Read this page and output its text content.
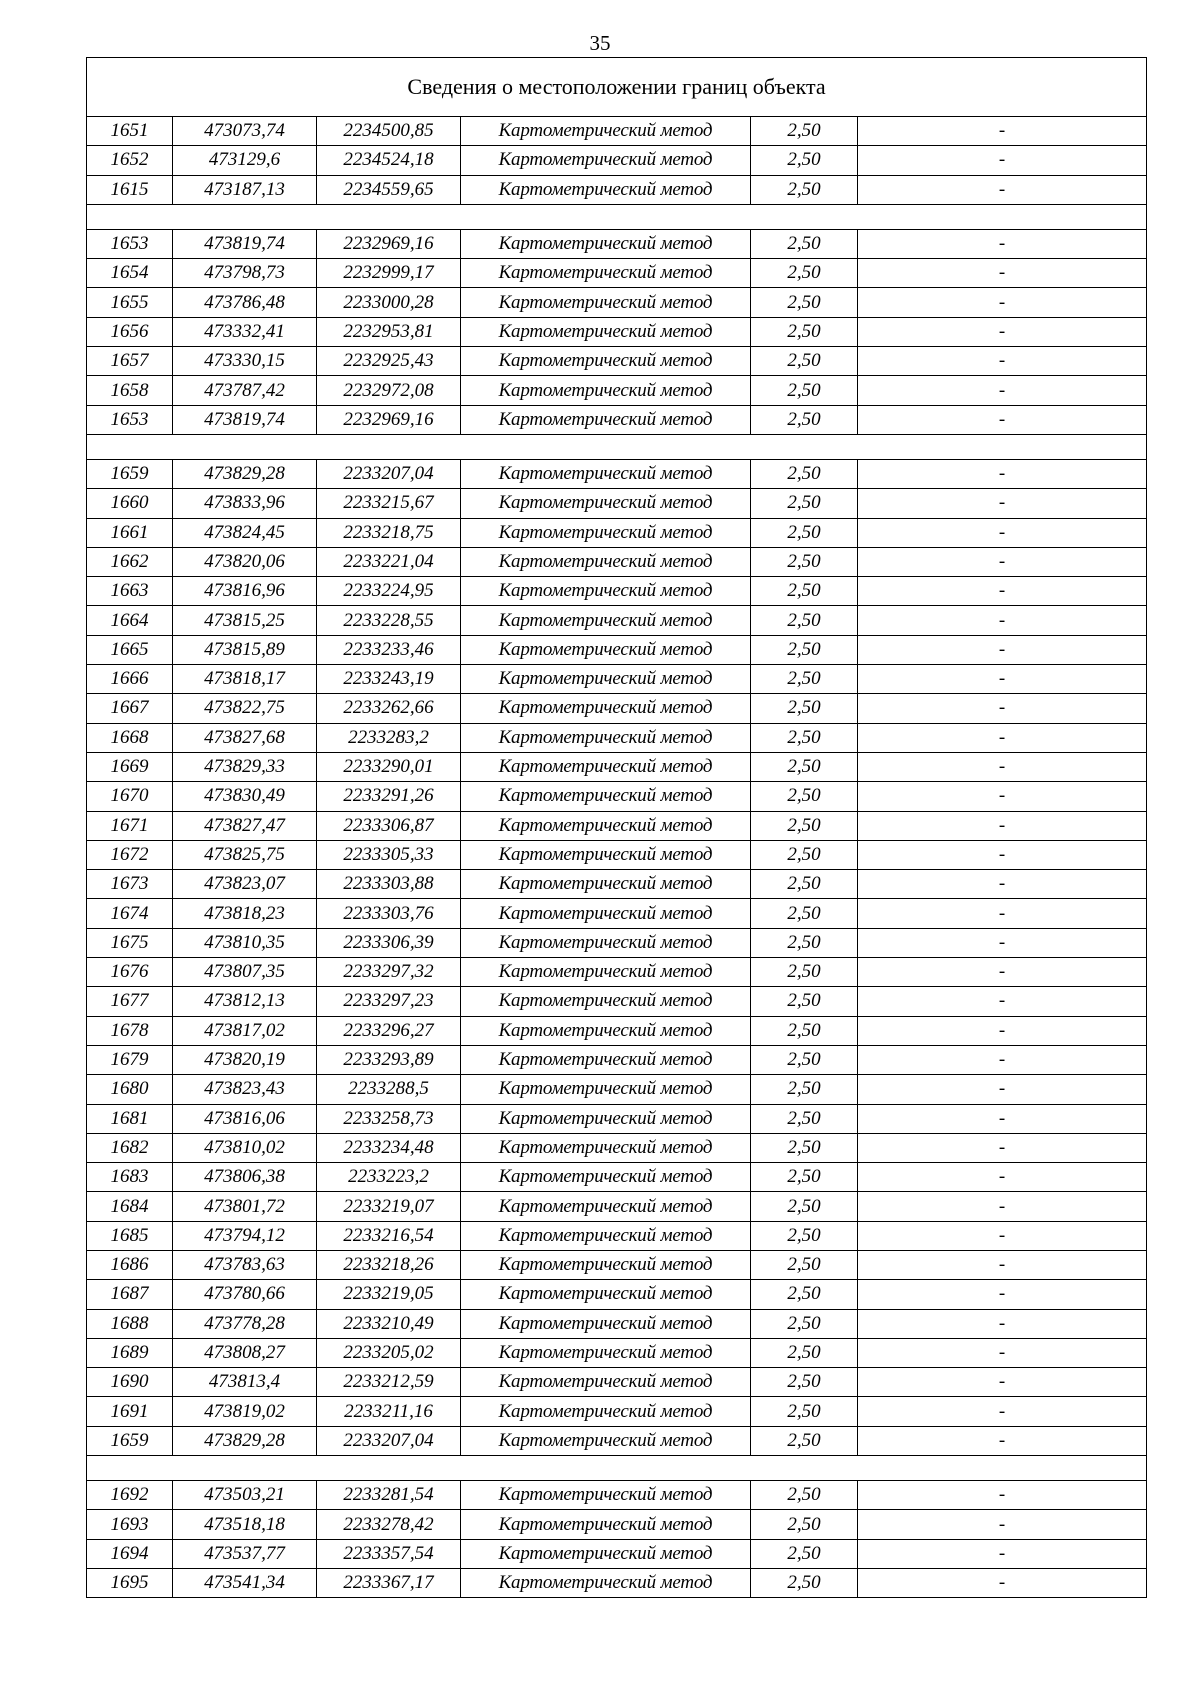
35
Сведения о местоположении границ объекта					
1651	473073,74	2234500,85	Картометрический метод	2,50	-
1652	473129,6	2234524,18	Картометрический метод	2,50	-
1615	473187,13	2234559,65	Картометрический метод	2,50	-

1653	473819,74	2232969,16	Картометрический метод	2,50	-
1654	473798,73	2232999,17	Картометрический метод	2,50	-
1655	473786,48	2233000,28	Картометрический метод	2,50	-
1656	473332,41	2232953,81	Картометрический метод	2,50	-
1657	473330,15	2232925,43	Картометрический метод	2,50	-
1658	473787,42	2232972,08	Картометрический метод	2,50	-
1653	473819,74	2232969,16	Картометрический метод	2,50	-

1659	473829,28	2233207,04	Картометрический метод	2,50	-
1660	473833,96	2233215,67	Картометрический метод	2,50	-
1661	473824,45	2233218,75	Картометрический метод	2,50	-
1662	473820,06	2233221,04	Картометрический метод	2,50	-
1663	473816,96	2233224,95	Картометрический метод	2,50	-
1664	473815,25	2233228,55	Картометрический метод	2,50	-
1665	473815,89	2233233,46	Картометрический метод	2,50	-
1666	473818,17	2233243,19	Картометрический метод	2,50	-
1667	473822,75	2233262,66	Картометрический метод	2,50	-
1668	473827,68	2233283,2	Картометрический метод	2,50	-
1669	473829,33	2233290,01	Картометрический метод	2,50	-
1670	473830,49	2233291,26	Картометрический метод	2,50	-
1671	473827,47	2233306,87	Картометрический метод	2,50	-
1672	473825,75	2233305,33	Картометрический метод	2,50	-
1673	473823,07	2233303,88	Картометрический метод	2,50	-
1674	473818,23	2233303,76	Картометрический метод	2,50	-
1675	473810,35	2233306,39	Картометрический метод	2,50	-
1676	473807,35	2233297,32	Картометрический метод	2,50	-
1677	473812,13	2233297,23	Картометрический метод	2,50	-
1678	473817,02	2233296,27	Картометрический метод	2,50	-
1679	473820,19	2233293,89	Картометрический метод	2,50	-
1680	473823,43	2233288,5	Картометрический метод	2,50	-
1681	473816,06	2233258,73	Картометрический метод	2,50	-
1682	473810,02	2233234,48	Картометрический метод	2,50	-
1683	473806,38	2233223,2	Картометрический метод	2,50	-
1684	473801,72	2233219,07	Картометрический метод	2,50	-
1685	473794,12	2233216,54	Картометрический метод	2,50	-
1686	473783,63	2233218,26	Картометрический метод	2,50	-
1687	473780,66	2233219,05	Картометрический метод	2,50	-
1688	473778,28	2233210,49	Картометрический метод	2,50	-
1689	473808,27	2233205,02	Картометрический метод	2,50	-
1690	473813,4	2233212,59	Картометрический метод	2,50	-
1691	473819,02	2233211,16	Картометрический метод	2,50	-
1659	473829,28	2233207,04	Картометрический метод	2,50	-

1692	473503,21	2233281,54	Картометрический метод	2,50	-
1693	473518,18	2233278,42	Картометрический метод	2,50	-
1694	473537,77	2233357,54	Картометрический метод	2,50	-
1695	473541,34	2233367,17	Картометрический метод	2,50	-
